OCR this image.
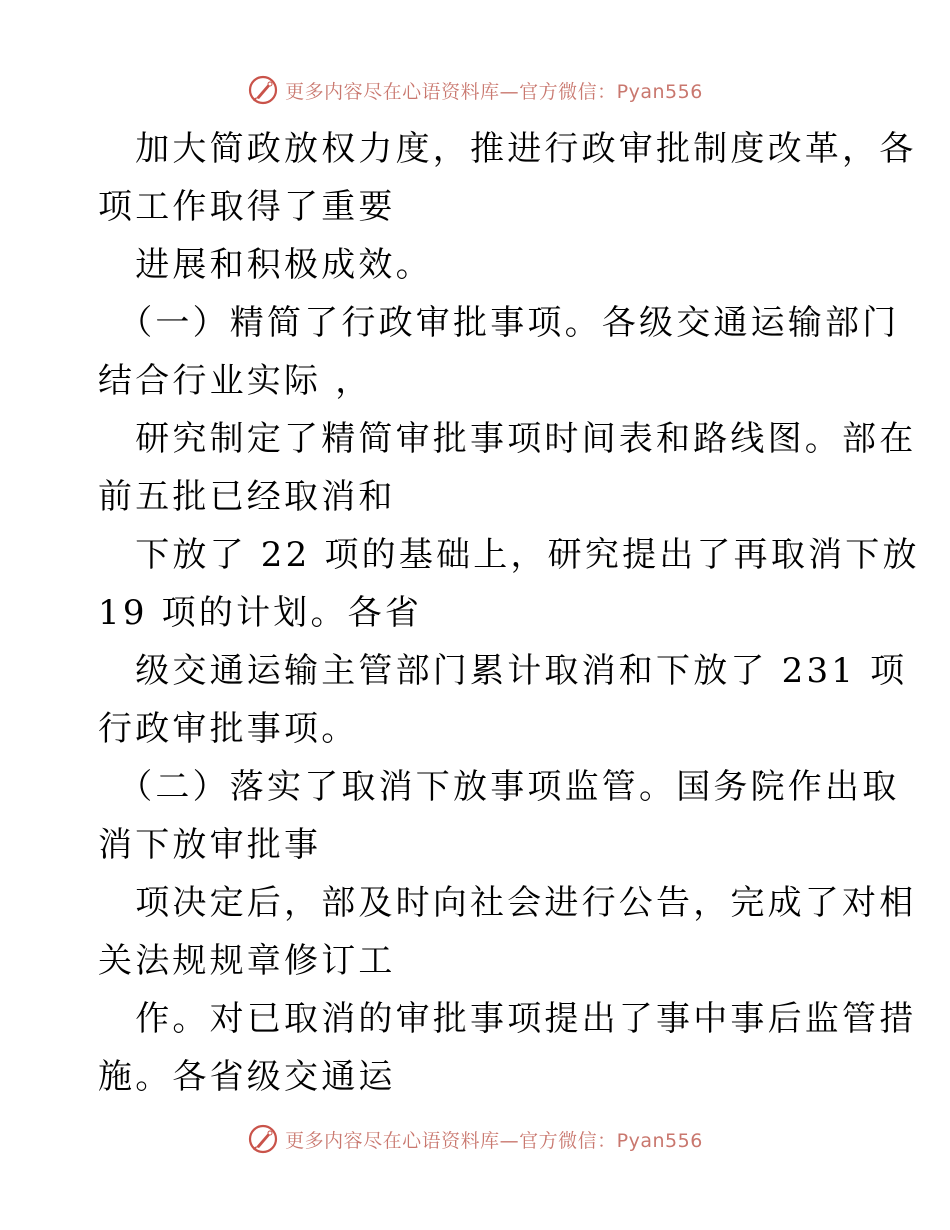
更多内容尽在心语资料库—官方微信：Pyan556

　加大简政放权力度，推进行政审批制度改革，各

项工作取得了重要

　进展和积极成效。

　（一）精简了行政审批事项。各级交通运输部门

结合行业实际 ，

　研究制定了精简审批事项时间表和路线图。部在

前五批已经取消和

　下放了 22 项的基础上，研究提出了再取消下放

19 项的计划。各省

　级交通运输主管部门累计取消和下放了 231 项

行政审批事项。

　（二）落实了取消下放事项监管。国务院作出取

消下放审批事

　项决定后，部及时向社会进行公告，完成了对相

关法规规章修订工

　作。对已取消的审批事项提出了事中事后监管措

施。各省级交通运

更多内容尽在心语资料库—官方微信：Pyan556
